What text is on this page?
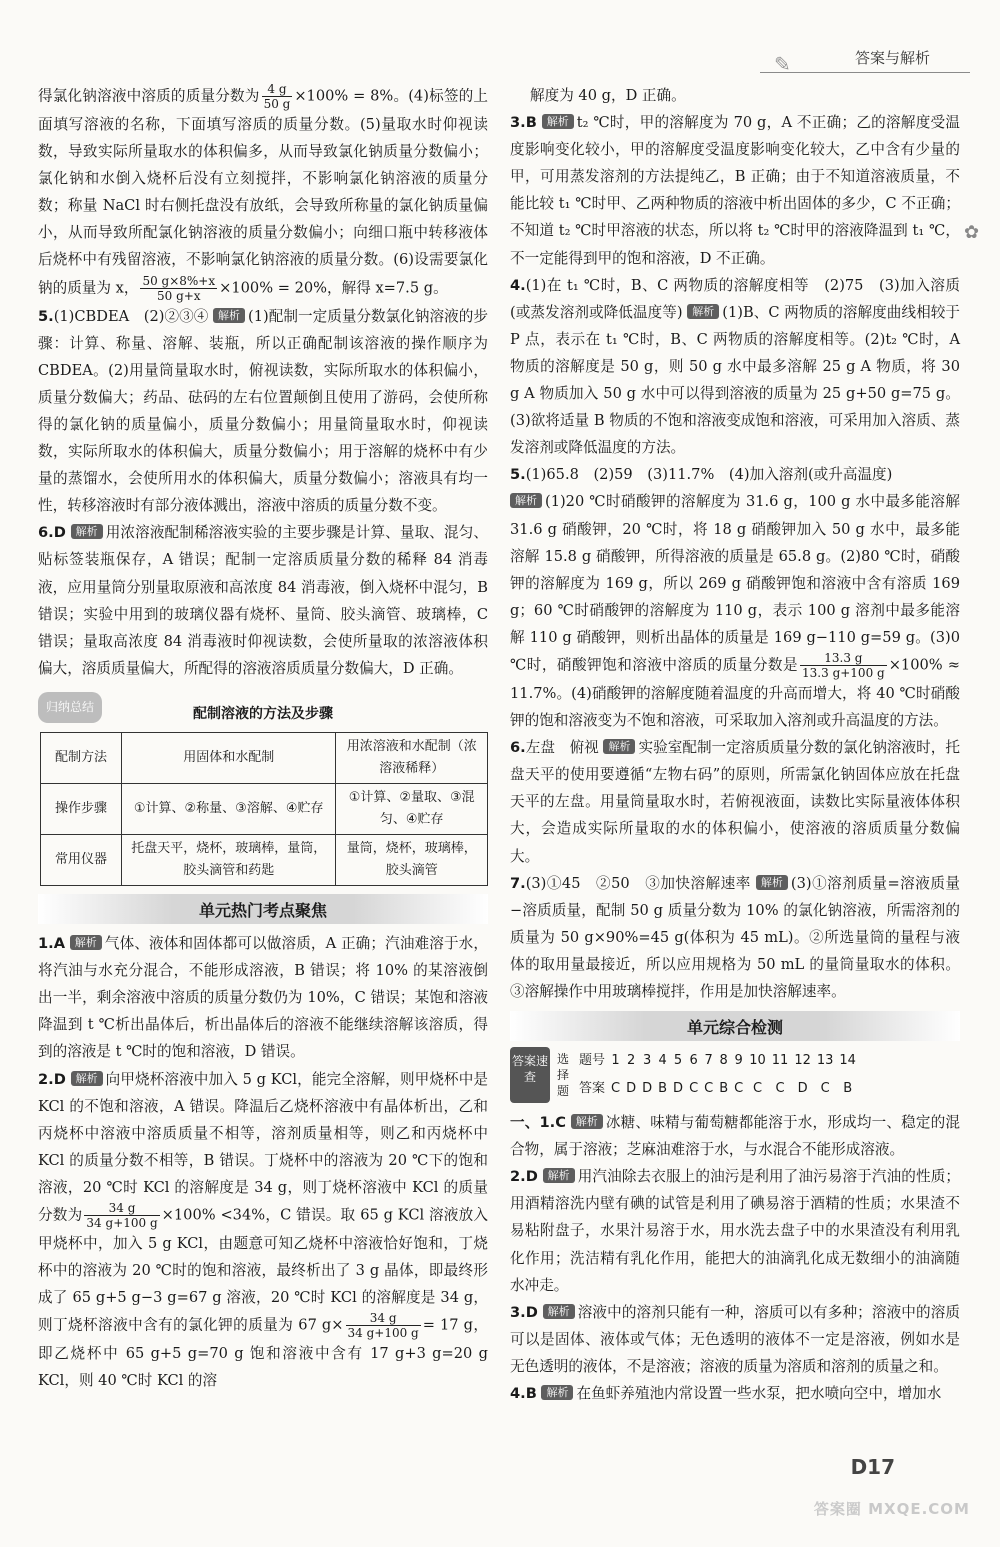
答案与解析
✎
✿

得氯化钠溶液中溶质的质量分数为 $\frac{4 g}{50 g} \times 100\% = 8\%$。(4)标签的上面填写溶液的名称，下面填写溶质的质量分数。(5)量取水时仰视读数，导致实际所量取水的体积偏多，从而导致氯化钠质量分数偏小；氯化钠和水倒入烧杯后没有立刻搅拌，不影响氯化钠溶液的质量分数；称量 NaCl 时右侧托盘没有放纸，会导致所称量的氯化钠质量偏小，从而导致所配氯化钠溶液的质量分数偏小；向细口瓶中转移液体后烧杯中有残留溶液，不影响氯化钠溶液的质量分数。(6)设需要氯化钠的质量为 x， $\frac{50 g\times 8\%+x}{50 g+x} \times 100\% = 20\%$，解得 x=7.5 g。

5.(1)CBDEA　(2)②③④ 解析 (1)配制一定质量分数氯化钠溶液的步骤：计算、称量、溶解、装瓶，所以正确配制该溶液的操作顺序为 CBDEA。(2)用量筒量取水时，俯视读数，实际所取水的体积偏小，质量分数偏大；药品、砝码的左右位置颠倒且使用了游码，会使所称得的氯化钠的质量偏小，质量分数偏小；用量筒量取水时，仰视读数，实际所取水的体积偏大，质量分数偏小；用于溶解的烧杯中有少量的蒸馏水，会使所用水的体积偏大，质量分数偏小；溶液具有均一性，转移溶液时有部分液体溅出，溶液中溶质的质量分数不变。

6.D 解析 用浓溶液配制稀溶液实验的主要步骤是计算、量取、混匀、贴标签装瓶保存，A 错误；配制一定溶质质量分数的稀释 84 消毒液，应用量筒分别量取原液和高浓度 84 消毒液，倒入烧杯中混匀，B 错误；实验中用到的玻璃仪器有烧杯、量筒、胶头滴管、玻璃棒，C 错误；量取高浓度 84 消毒液时仰视读数，会使所量取的浓溶液体积偏大，溶质质量偏大，所配得的溶液溶质质量分数偏大，D 正确。

归纳总结	配制溶液的方法及步骤
配制方法	用固体和水配制	用浓溶液和水配制（浓溶液稀释）
操作步骤	①计算、②称量、③溶解、④贮存	①计算、②量取、③混匀、④贮存
常用仪器	托盘天平，烧杯，玻璃棒，量筒，胶头滴管和药匙	量筒，烧杯，玻璃棒，胶头滴管
单元热门考点聚焦

1.A 解析 气体、液体和固体都可以做溶质，A 正确；汽油难溶于水，将汽油与水充分混合，不能形成溶液，B 错误；将 10% 的某溶液倒出一半，剩余溶液中溶质的质量分数仍为 10%，C 错误；某饱和溶液降温到 t ℃析出晶体后，析出晶体后的溶液不能继续溶解该溶质，得到的溶液是 t ℃时的饱和溶液，D 错误。

2.D 解析 向甲烧杯溶液中加入 5 g KCl，能完全溶解，则甲烧杯中是 KCl 的不饱和溶液，A 错误。降温后乙烧杯溶液中有晶体析出，乙和丙烧杯中溶液中溶质质量不相等，溶剂质量相等，则乙和丙烧杯中 KCl 的质量分数不相等，B 错误。丁烧杯中的溶液为 20 ℃下的饱和溶液，20 ℃时 KCl 的溶解度是 34 g，则丁烧杯溶液中 KCl 的质量分数为 $\frac{34 g}{34 g+100 g} \times 100\% <34\%$，C 错误。取 65 g KCl 溶液放入甲烧杯中，加入 5 g KCl，由题意可知乙烧杯中溶液恰好饱和，丁烧杯中的溶液为 20 ℃时的饱和溶液，最终析出了 3 g 晶体，即最终形成了 65 g+5 g−3 g=67 g 溶液，20 ℃时 KCl 的溶解度是 34 g，则丁烧杯溶液中含有的氯化钾的质量为 67 $g\times \frac{34 g}{34 g+100 g} = 17$ g，即乙烧杯中 65 g+5 g=70 g 饱和溶液中含有 17 g+3 g=20 g KCl，则 40 ℃时 KCl 的溶

解度为 40 g，D 正确。

3.B 解析 t₂ ℃时，甲的溶解度为 70 g，A 不正确；乙的溶解度受温度影响变化较小，甲的溶解度受温度影响变化较大，乙中含有少量的甲，可用蒸发溶剂的方法提纯乙，B 正确；由于不知道溶液质量，不能比较 t₁ ℃时甲、乙两种物质的溶液中析出固体的多少，C 不正确；不知道 t₂ ℃时甲溶液的状态，所以将 t₂ ℃时甲的溶液降温到 t₁ ℃，不一定能得到甲的饱和溶液，D 不正确。

4.(1)在 t₁ ℃时，B、C 两物质的溶解度相等　(2)75　(3)加入溶质(或蒸发溶剂或降低温度等) 解析 (1)B、C 两物质的溶解度曲线相较于 P 点，表示在 t₁ ℃时，B、C 两物质的溶解度相等。(2)t₂ ℃时，A 物质的溶解度是 50 g，则 50 g 水中最多溶解 25 g A 物质，将 30 g A 物质加入 50 g 水中可以得到溶液的质量为 25 g+50 g=75 g。(3)欲将适量 B 物质的不饱和溶液变成饱和溶液，可采用加入溶质、蒸发溶剂或降低温度的方法。

5.(1)65.8　(2)59　(3)11.7%　(4)加入溶剂(或升高温度)

解析 (1)20 ℃时硝酸钾的溶解度为 31.6 g，100 g 水中最多能溶解 31.6 g 硝酸钾，20 ℃时，将 18 g 硝酸钾加入 50 g 水中，最多能溶解 15.8 g 硝酸钾，所得溶液的质量是 65.8 g。(2)80 ℃时，硝酸钾的溶解度为 169 g，所以 269 g 硝酸钾饱和溶液中含有溶质 169 g；60 ℃时硝酸钾的溶解度为 110 g，表示 100 g 溶剂中最多能溶解 110 g 硝酸钾，则析出晶体的质量是 169 g−110 g=59 g。(3)0 ℃时，硝酸钾饱和溶液中溶质的质量分数是 $\frac{13.3 g}{13.3 g+100 g} \times 100\% \approx 11.7\%$。(4)硝酸钾的溶解度随着温度的升高而增大，将 40 ℃时硝酸钾的饱和溶液变为不饱和溶液，可采取加入溶剂或升高温度的方法。

6.左盘　俯视 解析 实验室配制一定溶质质量分数的氯化钠溶液时，托盘天平的使用要遵循“左物右码”的原则，所需氯化钠固体应放在托盘天平的左盘。用量筒量取水时，若俯视液面，读数比实际量液体体积大，会造成实际所量取的水的体积偏小，使溶液的溶质质量分数偏大。

7.(3)①45　②50　③加快溶解速率 解析 (3)①溶剂质量=溶液质量−溶质质量，配制 50 g 质量分数为 10% 的氯化钠溶液，所需溶剂的质量为 50 g×90%=45 g(体积为 45 mL)。②所选量筒的量程与液体的取用量最接近，所以应用规格为 50 mL 的量筒量取水的体积。③溶解操作中用玻璃棒搅拌，作用是加快溶解速率。

单元综合检测
答案速查
选择题
题号	1	2	3	4	5	6	7	8	9	10	11	12	13	14
答案	C	D	D	B	D	C	C	B	C	C	C	D	C	B

一、1.C 解析 冰糖、味精与葡萄糖都能溶于水，形成均一、稳定的混合物，属于溶液；芝麻油难溶于水，与水混合不能形成溶液。

2.D 解析 用汽油除去衣服上的油污是利用了油污易溶于汽油的性质；用酒精溶洗内壁有碘的试管是利用了碘易溶于酒精的性质；水果渣不易粘附盘子，水果汁易溶于水，用水洗去盘子中的水果渣没有利用乳化作用；洗洁精有乳化作用，能把大的油滴乳化成无数细小的油滴随水冲走。

3.D 解析 溶液中的溶剂只能有一种，溶质可以有多种；溶液中的溶质可以是固体、液体或气体；无色透明的液体不一定是溶液，例如水是无色透明的液体，不是溶液；溶液的质量为溶质和溶剂的质量之和。

4.B 解析 在鱼虾养殖池内常设置一些水泵，把水喷向空中，增加水

D17
答案圈 MXQE.COM
